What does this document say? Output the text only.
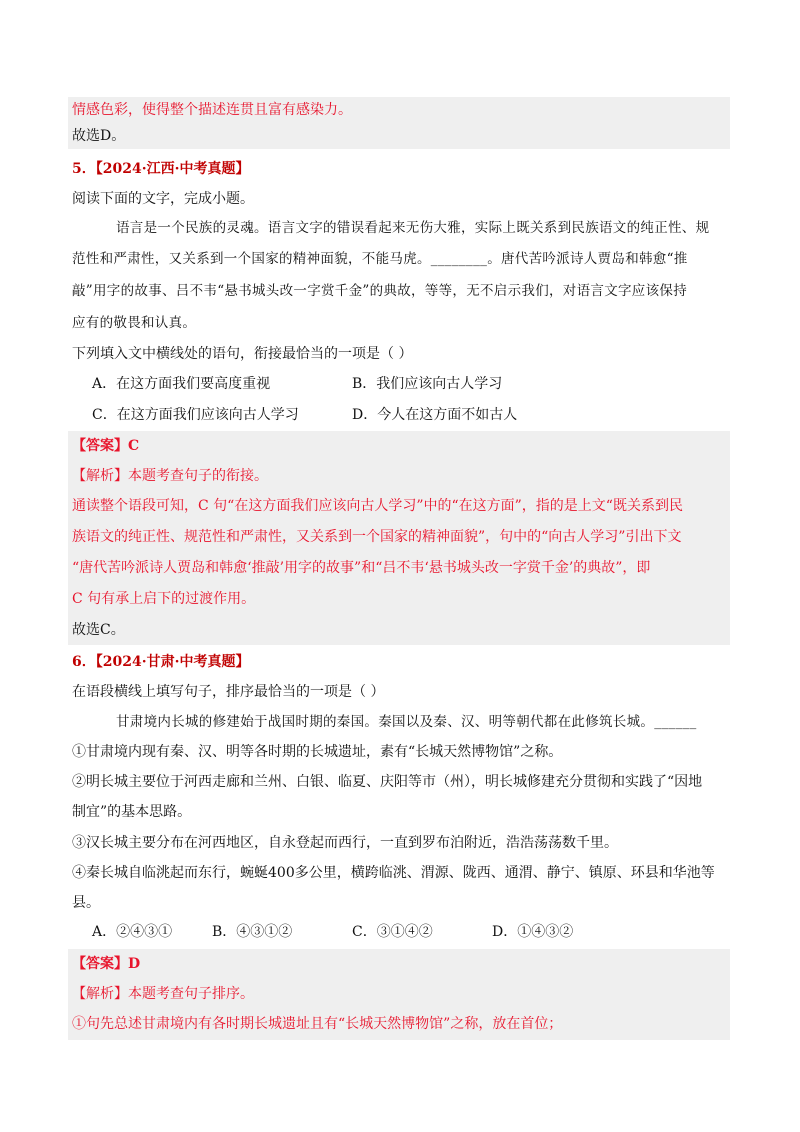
情感色彩，使得整个描述连贯且富有感染力。
故选D。
5．【2024·江西·中考真题】
阅读下面的文字，完成小题。
语言是一个民族的灵魂。语言文字的错误看起来无伤大雅，实际上既关系到民族语文的纯正性、规
范性和严肃性，又关系到一个国家的精神面貌，不能马虎。________。唐代苦吟派诗人贾岛和韩愈“推
敲”用字的故事、吕不韦“悬书城头改一字赏千金”的典故，等等，无不启示我们，对语言文字应该保持
应有的敬畏和认真。
下列填入文中横线处的语句，衔接最恰当的一项是（ ）
A．在这方面我们要高度重视	B．我们应该向古人学习
C．在这方面我们应该向古人学习	D．今人在这方面不如古人
【答案】C
【解析】本题考查句子的衔接。
通读整个语段可知，C 句“在这方面我们应该向古人学习”中的“在这方面”，指的是上文“既关系到民
族语文的纯正性、规范性和严肃性，又关系到一个国家的精神面貌”，句中的“向古人学习”引出下文
“唐代苦吟派诗人贾岛和韩愈‘推敲’用字的故事”和“吕不韦‘悬书城头改一字赏千金’的典故”，即
C 句有承上启下的过渡作用。
故选C。
6．【2024·甘肃·中考真题】
在语段横线上填写句子，排序最恰当的一项是（ ）
甘肃境内长城的修建始于战国时期的秦国。秦国以及秦、汉、明等朝代都在此修筑长城。______
①甘肃境内现有秦、汉、明等各时期的长城遗址，素有“长城天然博物馆”之称。
②明长城主要位于河西走廊和兰州、白银、临夏、庆阳等市（州），明长城修建充分贯彻和实践了“因地
制宜”的基本思路。
③汉长城主要分布在河西地区，自永登起而西行，一直到罗布泊附近，浩浩荡荡数千里。
④秦长城自临洮起而东行，蜿蜒400多公里，横跨临洮、渭源、陇西、通渭、静宁、镇原、环县和华池等
县。
A．②④③①	B．④③①②	C．③①④②	D．①④③②
【答案】D
【解析】本题考查句子排序。
①句先总述甘肃境内有各时期长城遗址且有“长城天然博物馆”之称，放在首位；
